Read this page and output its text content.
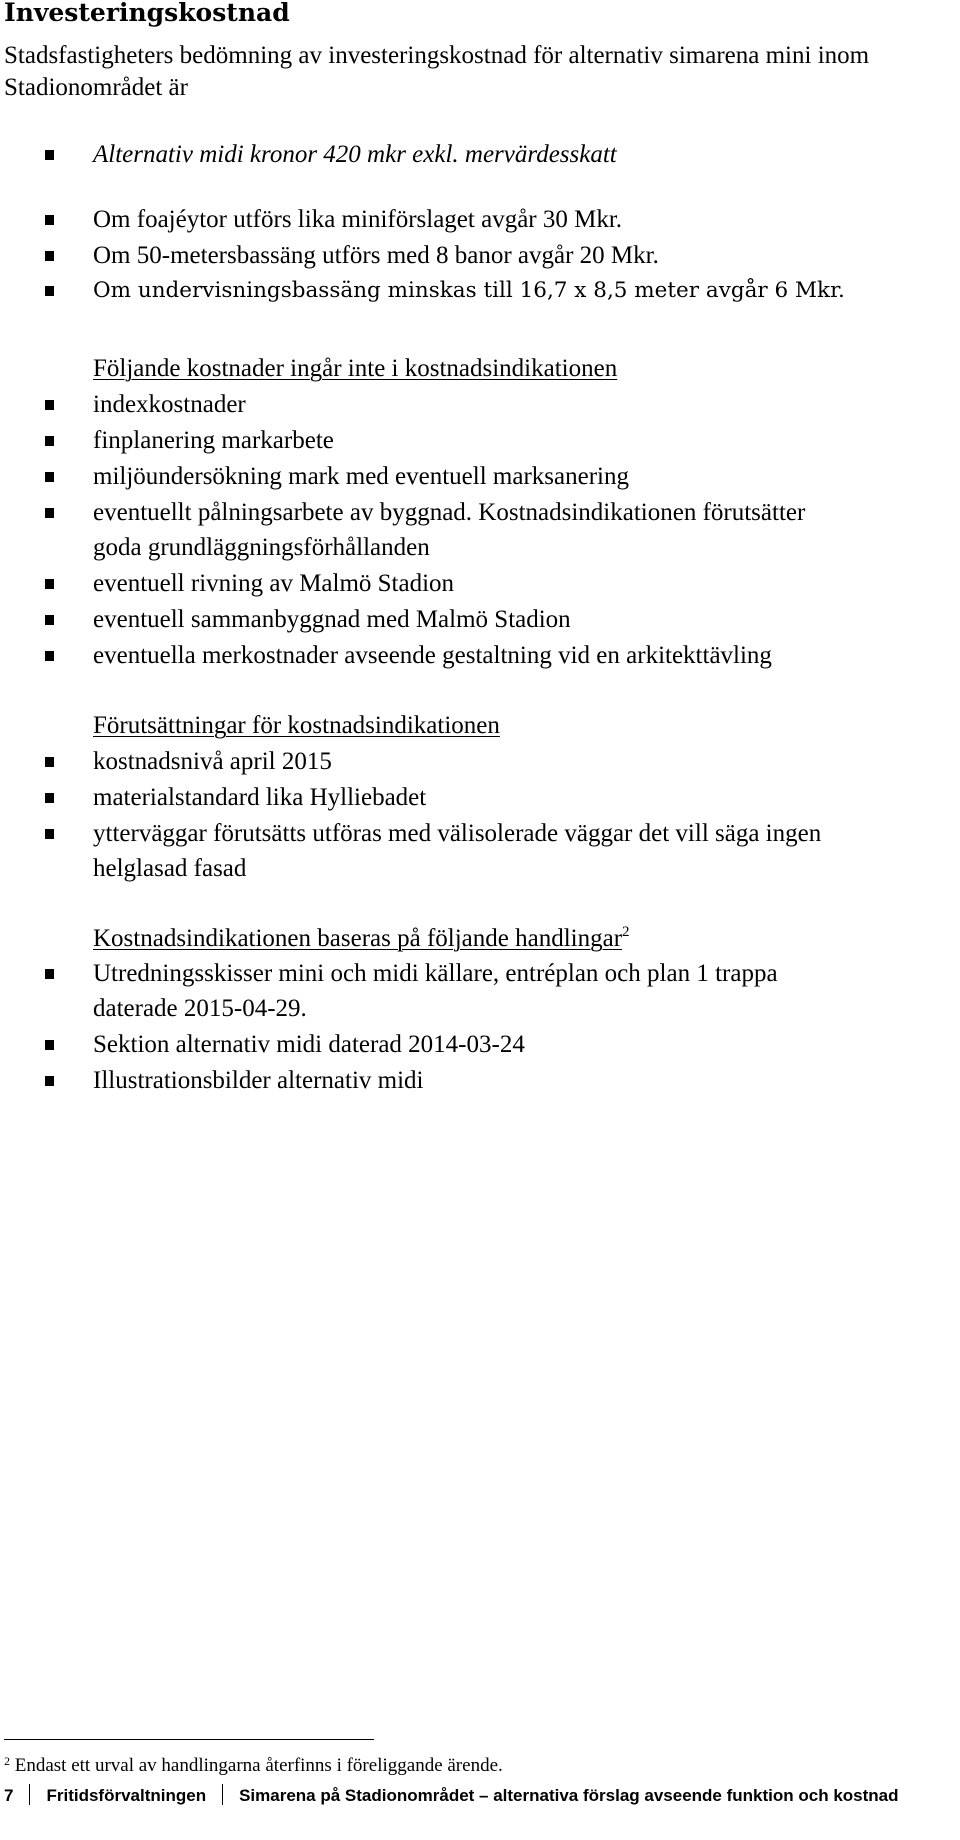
Investeringskostnad
Stadsfastigheters bedömning av investeringskostnad för alternativ simarena mini inom Stadionområdet är
Alternativ midi kronor 420 mkr exkl. mervärdesskatt
Om foajéytor utförs lika miniförslaget avgår 30 Mkr.
Om 50-metersbassäng utförs med 8 banor avgår 20 Mkr.
Om undervisningsbassäng minskas till 16,7 x 8,5 meter avgår 6 Mkr.
Följande kostnader ingår inte i kostnadsindikationen
indexkostnader
finplanering markarbete
miljöundersökning mark med eventuell marksanering
eventuellt pålningsarbete av byggnad. Kostnadsindikationen förutsätter
goda grundläggningsförhållanden
eventuell rivning av Malmö Stadion
eventuell sammanbyggnad med Malmö Stadion
eventuella merkostnader avseende gestaltning vid en arkitekttävling
Förutsättningar för kostnadsindikationen
kostnadsnivå april 2015
materialstandard lika Hylliebadet
ytterväggar förutsätts utföras med välisolerade väggar det vill säga ingen
helglasad fasad
Kostnadsindikationen baseras på följande handlingar$^2$
Utredningsskisser mini och midi källare, entréplan och plan 1 trappa
daterade 2015-04-29.
Sektion alternativ midi daterad 2014-03-24
Illustrationsbilder alternativ midi
$^2$ Endast ett urval av handlingarna återfinns i föreliggande ärende.
7 Fritidsförvaltningen Simarena på Stadionområdet – alternativa förslag avseende funktion och kostnad
